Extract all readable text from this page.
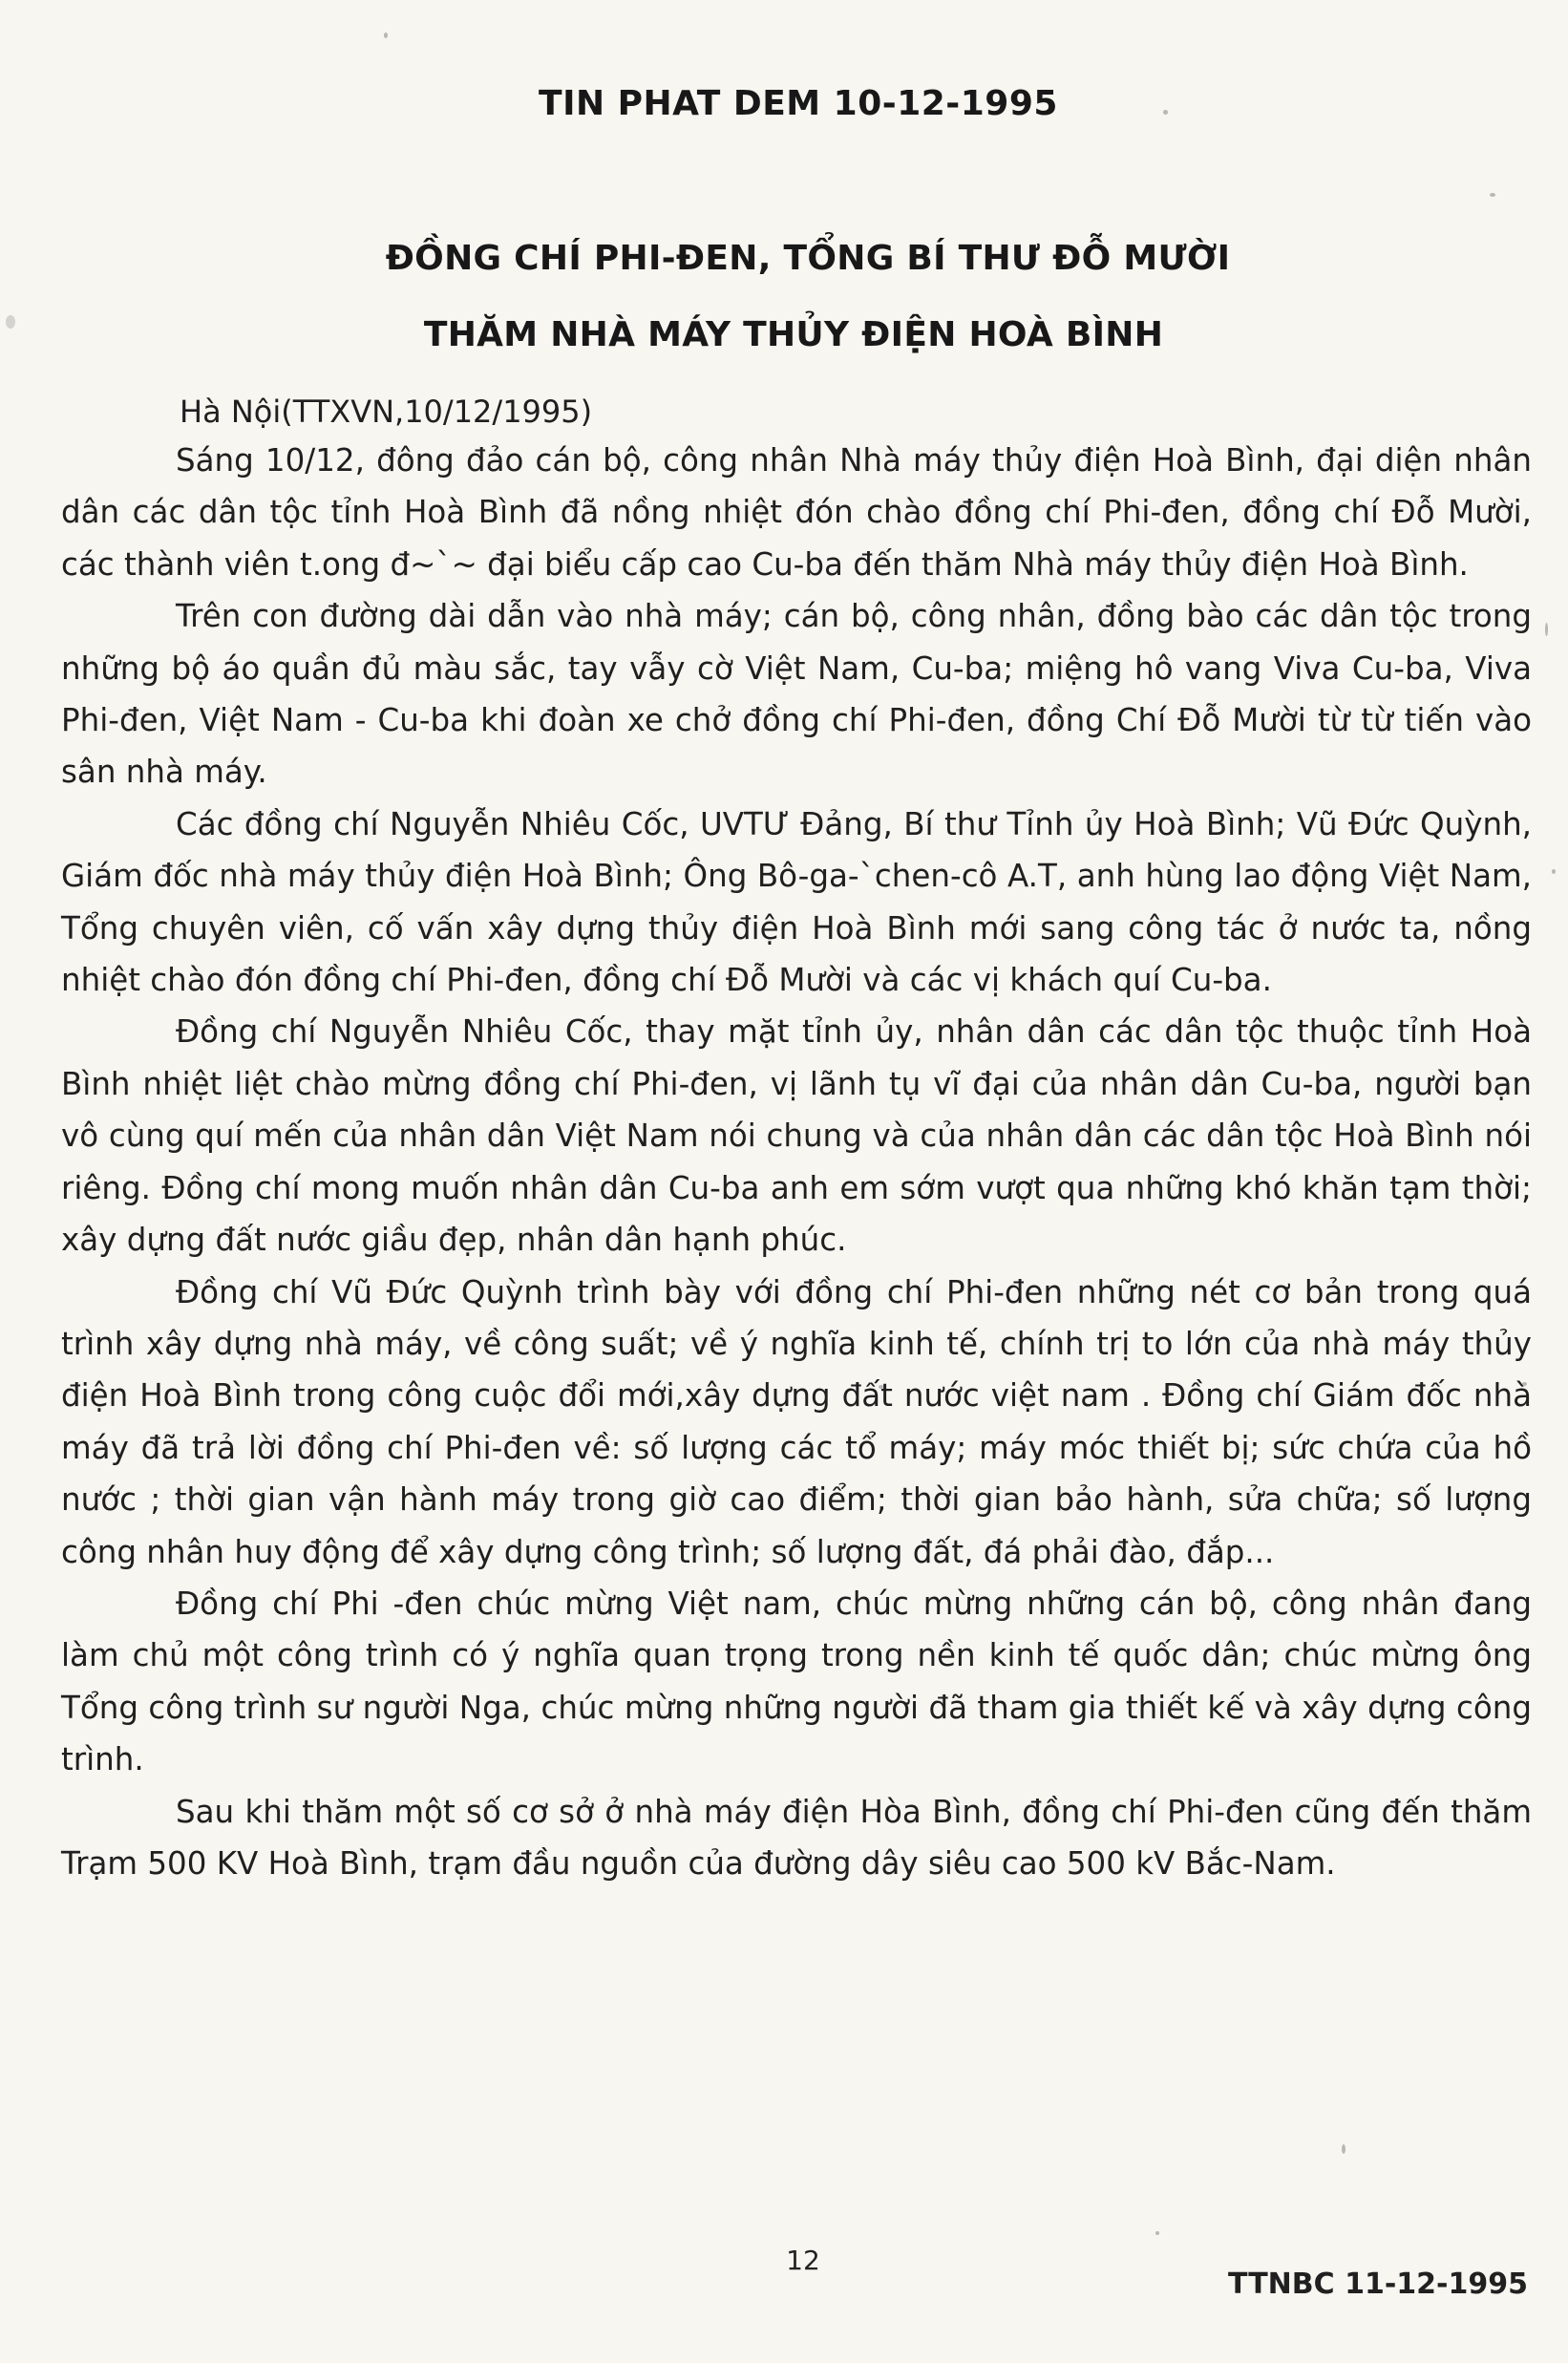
TIN PHAT DEM 10-12-1995
ĐỒNG CHÍ PHI-ĐEN, TỔNG BÍ THƯ ĐỖ MƯỜI
THĂM NHÀ MÁY THỦY ĐIỆN HOÀ BÌNH
Hà Nội(TTXVN,10/12/1995)

Sáng 10/12, đông đảo cán bộ, công nhân Nhà máy thủy điện Hoà Bình, đại diện nhân dân các dân tộc tỉnh Hoà Bình đã nồng nhiệt đón chào đồng chí Phi-đen, đồng chí Đỗ Mười, các thành viên t.ong đ~`~ đại biểu cấp cao Cu-ba đến thăm Nhà máy thủy điện Hoà Bình.

Trên con đường dài dẫn vào nhà máy; cán bộ, công nhân, đồng bào các dân tộc trong những bộ áo quần đủ màu sắc, tay vẫy cờ Việt Nam, Cu-ba; miệng hô vang Viva Cu-ba, Viva Phi-đen, Việt Nam - Cu-ba khi đoàn xe chở đồng chí Phi-đen, đồng Chí Đỗ Mười từ từ tiến vào sân nhà máy.

Các đồng chí Nguyễn Nhiêu Cốc, UVTƯ Đảng, Bí thư Tỉnh ủy Hoà Bình; Vũ Đức Quỳnh, Giám đốc nhà máy thủy điện Hoà Bình; Ông Bô-ga-`chen-cô A.T, anh hùng lao động Việt Nam, Tổng chuyên viên, cố vấn xây dựng thủy điện Hoà Bình mới sang công tác ở nước ta, nồng nhiệt chào đón đồng chí Phi-đen, đồng chí Đỗ Mười và các vị khách quí Cu-ba.

Đồng chí Nguyễn Nhiêu Cốc, thay mặt tỉnh ủy, nhân dân các dân tộc thuộc tỉnh Hoà Bình nhiệt liệt chào mừng đồng chí Phi-đen, vị lãnh tụ vĩ đại của nhân dân Cu-ba, người bạn vô cùng quí mến của nhân dân Việt Nam nói chung và của nhân dân các dân tộc Hoà Bình nói riêng. Đồng chí mong muốn nhân dân Cu-ba anh em sớm vượt qua những khó khăn tạm thời; xây dựng đất nước giầu đẹp, nhân dân hạnh phúc.

Đồng chí Vũ Đức Quỳnh trình bày với đồng chí Phi-đen những nét cơ bản trong quá trình xây dựng nhà máy, về công suất; về ý nghĩa kinh tế, chính trị to lớn của nhà máy thủy điện Hoà Bình trong công cuộc đổi mới,xây dựng đất nước việt nam . Đồng chí Giám đốc nhà máy đã trả lời đồng chí Phi-đen về: số lượng các tổ máy; máy móc thiết bị; sức chứa của hồ nước ; thời gian vận hành máy trong giờ cao điểm; thời gian bảo hành, sửa chữa; số lượng công nhân huy động để xây dựng công trình; số lượng đất, đá phải đào, đắp...

Đồng chí Phi -đen chúc mừng Việt nam, chúc mừng những cán bộ, công nhân đang làm chủ một công trình có ý nghĩa quan trọng trong nền kinh tế quốc dân; chúc mừng ông Tổng công trình sư người Nga, chúc mừng những người đã tham gia thiết kế và xây dựng công trình.

Sau khi thăm một số cơ sở ở nhà máy điện Hòa Bình, đồng chí Phi-đen cũng đến thăm Trạm 500 KV Hoà Bình, trạm đầu nguồn của đường dây siêu cao 500 kV Bắc-Nam.

12
TTNBC 11-12-1995
